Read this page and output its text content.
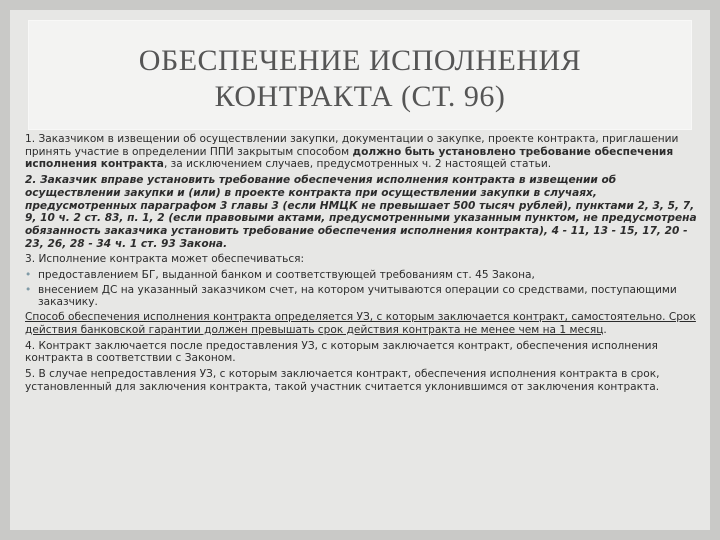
ОБЕСПЕЧЕНИЕ ИСПОЛНЕНИЯ
КОНТРАКТА (СТ. 96)

1. Заказчиком в извещении об осуществлении закупки, документации о закупке, проекте контракта, приглашении принять участие в определении ППИ закрытым способом должно быть установлено требование обеспечения исполнения контракта, за исключением случаев, предусмотренных ч. 2 настоящей статьи.

2. Заказчик вправе установить требование обеспечения исполнения контракта в извещении об осуществлении закупки и (или) в проекте контракта при осуществлении закупки в случаях, предусмотренных параграфом 3 главы 3 (если НМЦК не превышает 500 тысяч рублей), пунктами 2, 3, 5, 7, 9, 10 ч. 2 ст. 83, п. 1, 2 (если правовыми актами, предусмотренными указанным пунктом, не предусмотрена обязанность заказчика установить требование обеспечения исполнения контракта), 4 - 11, 13 - 15, 17, 20 - 23, 26, 28 - 34 ч. 1 ст. 93 Закона.

3. Исполнение контракта может обеспечиваться:

• предоставлением БГ, выданной банком и соответствующей требованиям ст. 45 Закона,
• внесением ДС на указанный заказчиком счет, на котором учитываются операции со средствами, поступающими заказчику.

Способ обеспечения исполнения контракта определяется УЗ, с которым заключается контракт, самостоятельно. Срок действия банковской гарантии должен превышать срок действия контракта не менее чем на 1 месяц.

4. Контракт заключается после предоставления УЗ, с которым заключается контракт, обеспечения исполнения контракта в соответствии с Законом.

5. В случае непредоставления УЗ, с которым заключается контракт, обеспечения исполнения контракта в срок, установленный для заключения контракта, такой участник считается уклонившимся от заключения контракта.
